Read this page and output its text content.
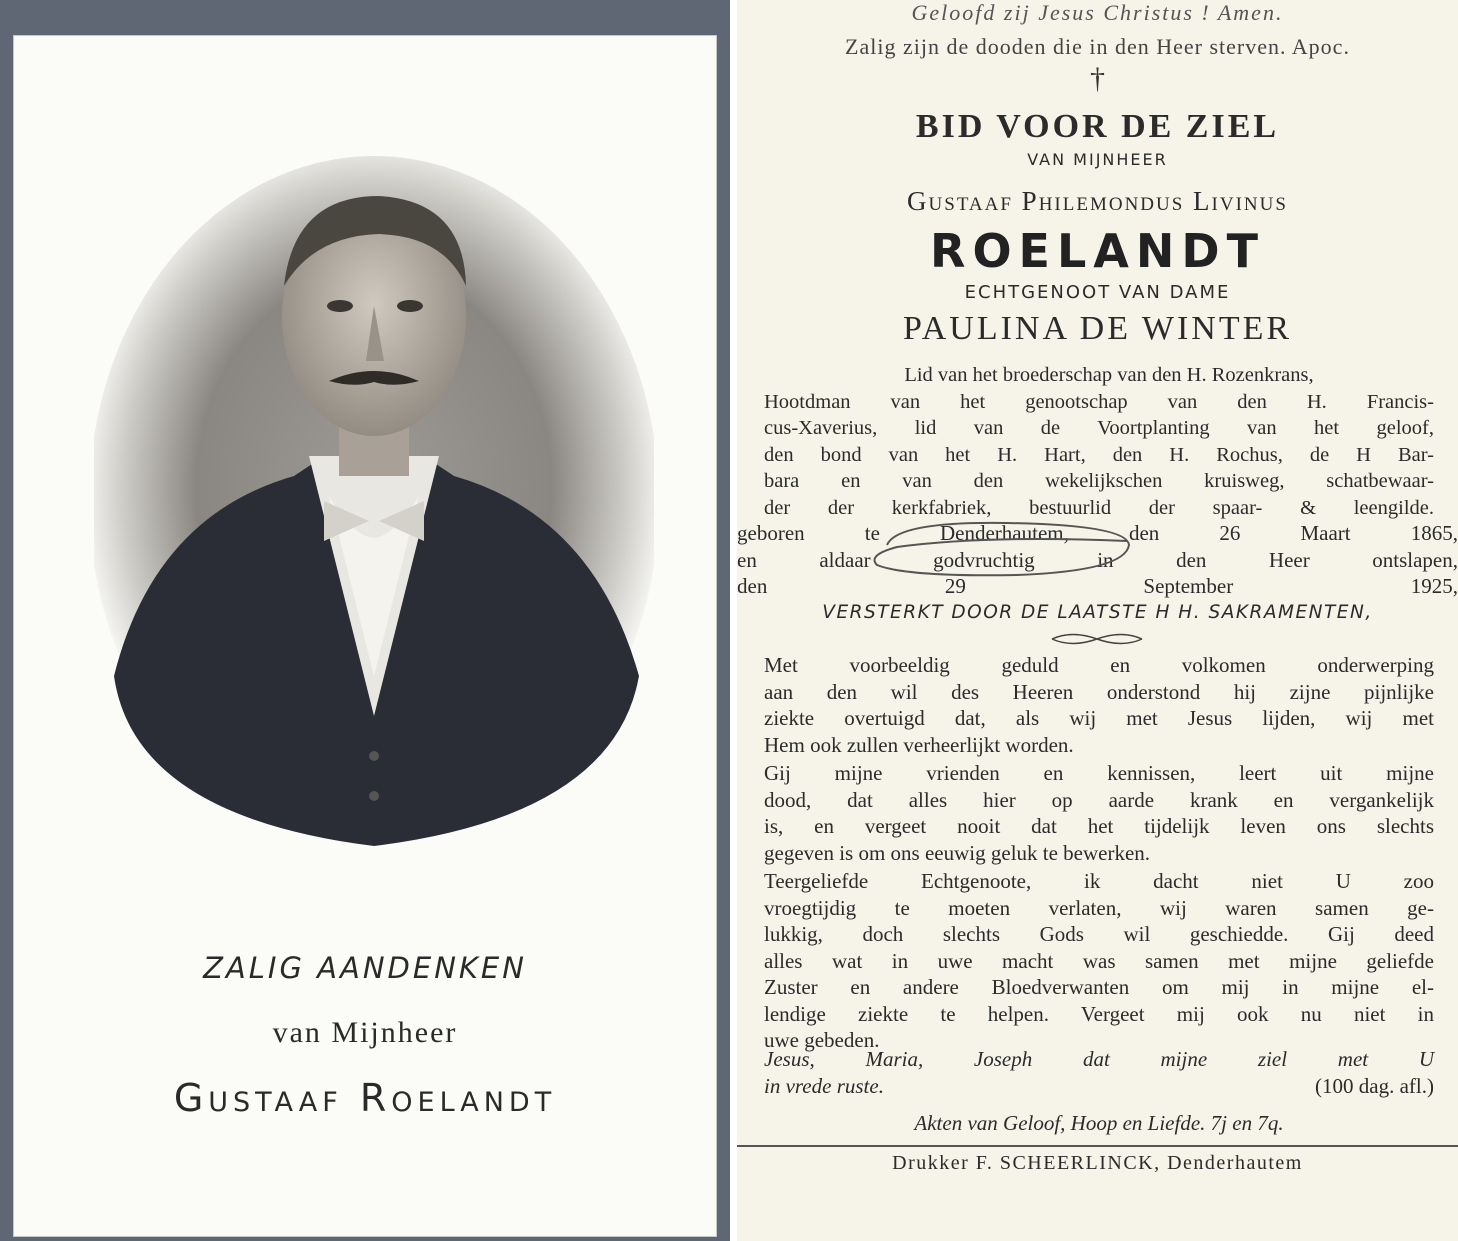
ZALIG AANDENKEN

van Mijnheer

Gustaaf Roelandt

Geloofd zij Jesus Christus ! Amen.

Zalig zijn de dooden die in den Heer sterven. Apoc.

†

BID VOOR DE ZIEL

VAN MIJNHEER

Gustaaf Philemondus Livinus

ROELANDT

ECHTGENOOT VAN DAME

PAULINA DE WINTER

Lid van het broederschap van den H. Rozenkrans,
Hootdman van het genootschap van den H. Francis-
cus-Xaverius, lid van de Voortplanting van het geloof,
den bond van het H. Hart, den H. Rochus, de H Bar-
bara en van den wekelijkschen kruisweg, schatbewaar-
der der kerkfabriek, bestuurlid der spaar- & leengilde.
geboren te Denderhautem, den 26 Maart 1865,
en aldaar godvruchtig in den Heer ontslapen,
den 29 September 1925,

VERSTERKT DOOR DE LAATSTE H H. SAKRAMENTEN,

Met voorbeeldig geduld en volkomen onderwerping
aan den wil des Heeren onderstond hij zijne pijnlijke
ziekte overtuigd dat, als wij met Jesus lijden, wij met
Hem ook zullen verheerlijkt worden.
Gij mijne vrienden en kennissen, leert uit mijne
dood, dat alles hier op aarde krank en vergankelijk
is, en vergeet nooit dat het tijdelijk leven ons slechts
gegeven is om ons eeuwig geluk te bewerken.
Teergeliefde Echtgenoote, ik dacht niet U zoo
vroegtijdig te moeten verlaten, wij waren samen ge-
lukkig, doch slechts Gods wil geschiedde. Gij deed
alles wat in uwe macht was samen met mijne geliefde
Zuster en andere Bloedverwanten om mij in mijne el-
lendige ziekte te helpen. Vergeet mij ook nu niet in
uwe gebeden.
Jesus, Maria, Joseph dat mijne ziel met U
in vrede ruste.	(100 dag. afl.)
Akten van Geloof, Hoop en Liefde. 7j en 7q.

Drukker F. SCHEERLINCK, Denderhautem
